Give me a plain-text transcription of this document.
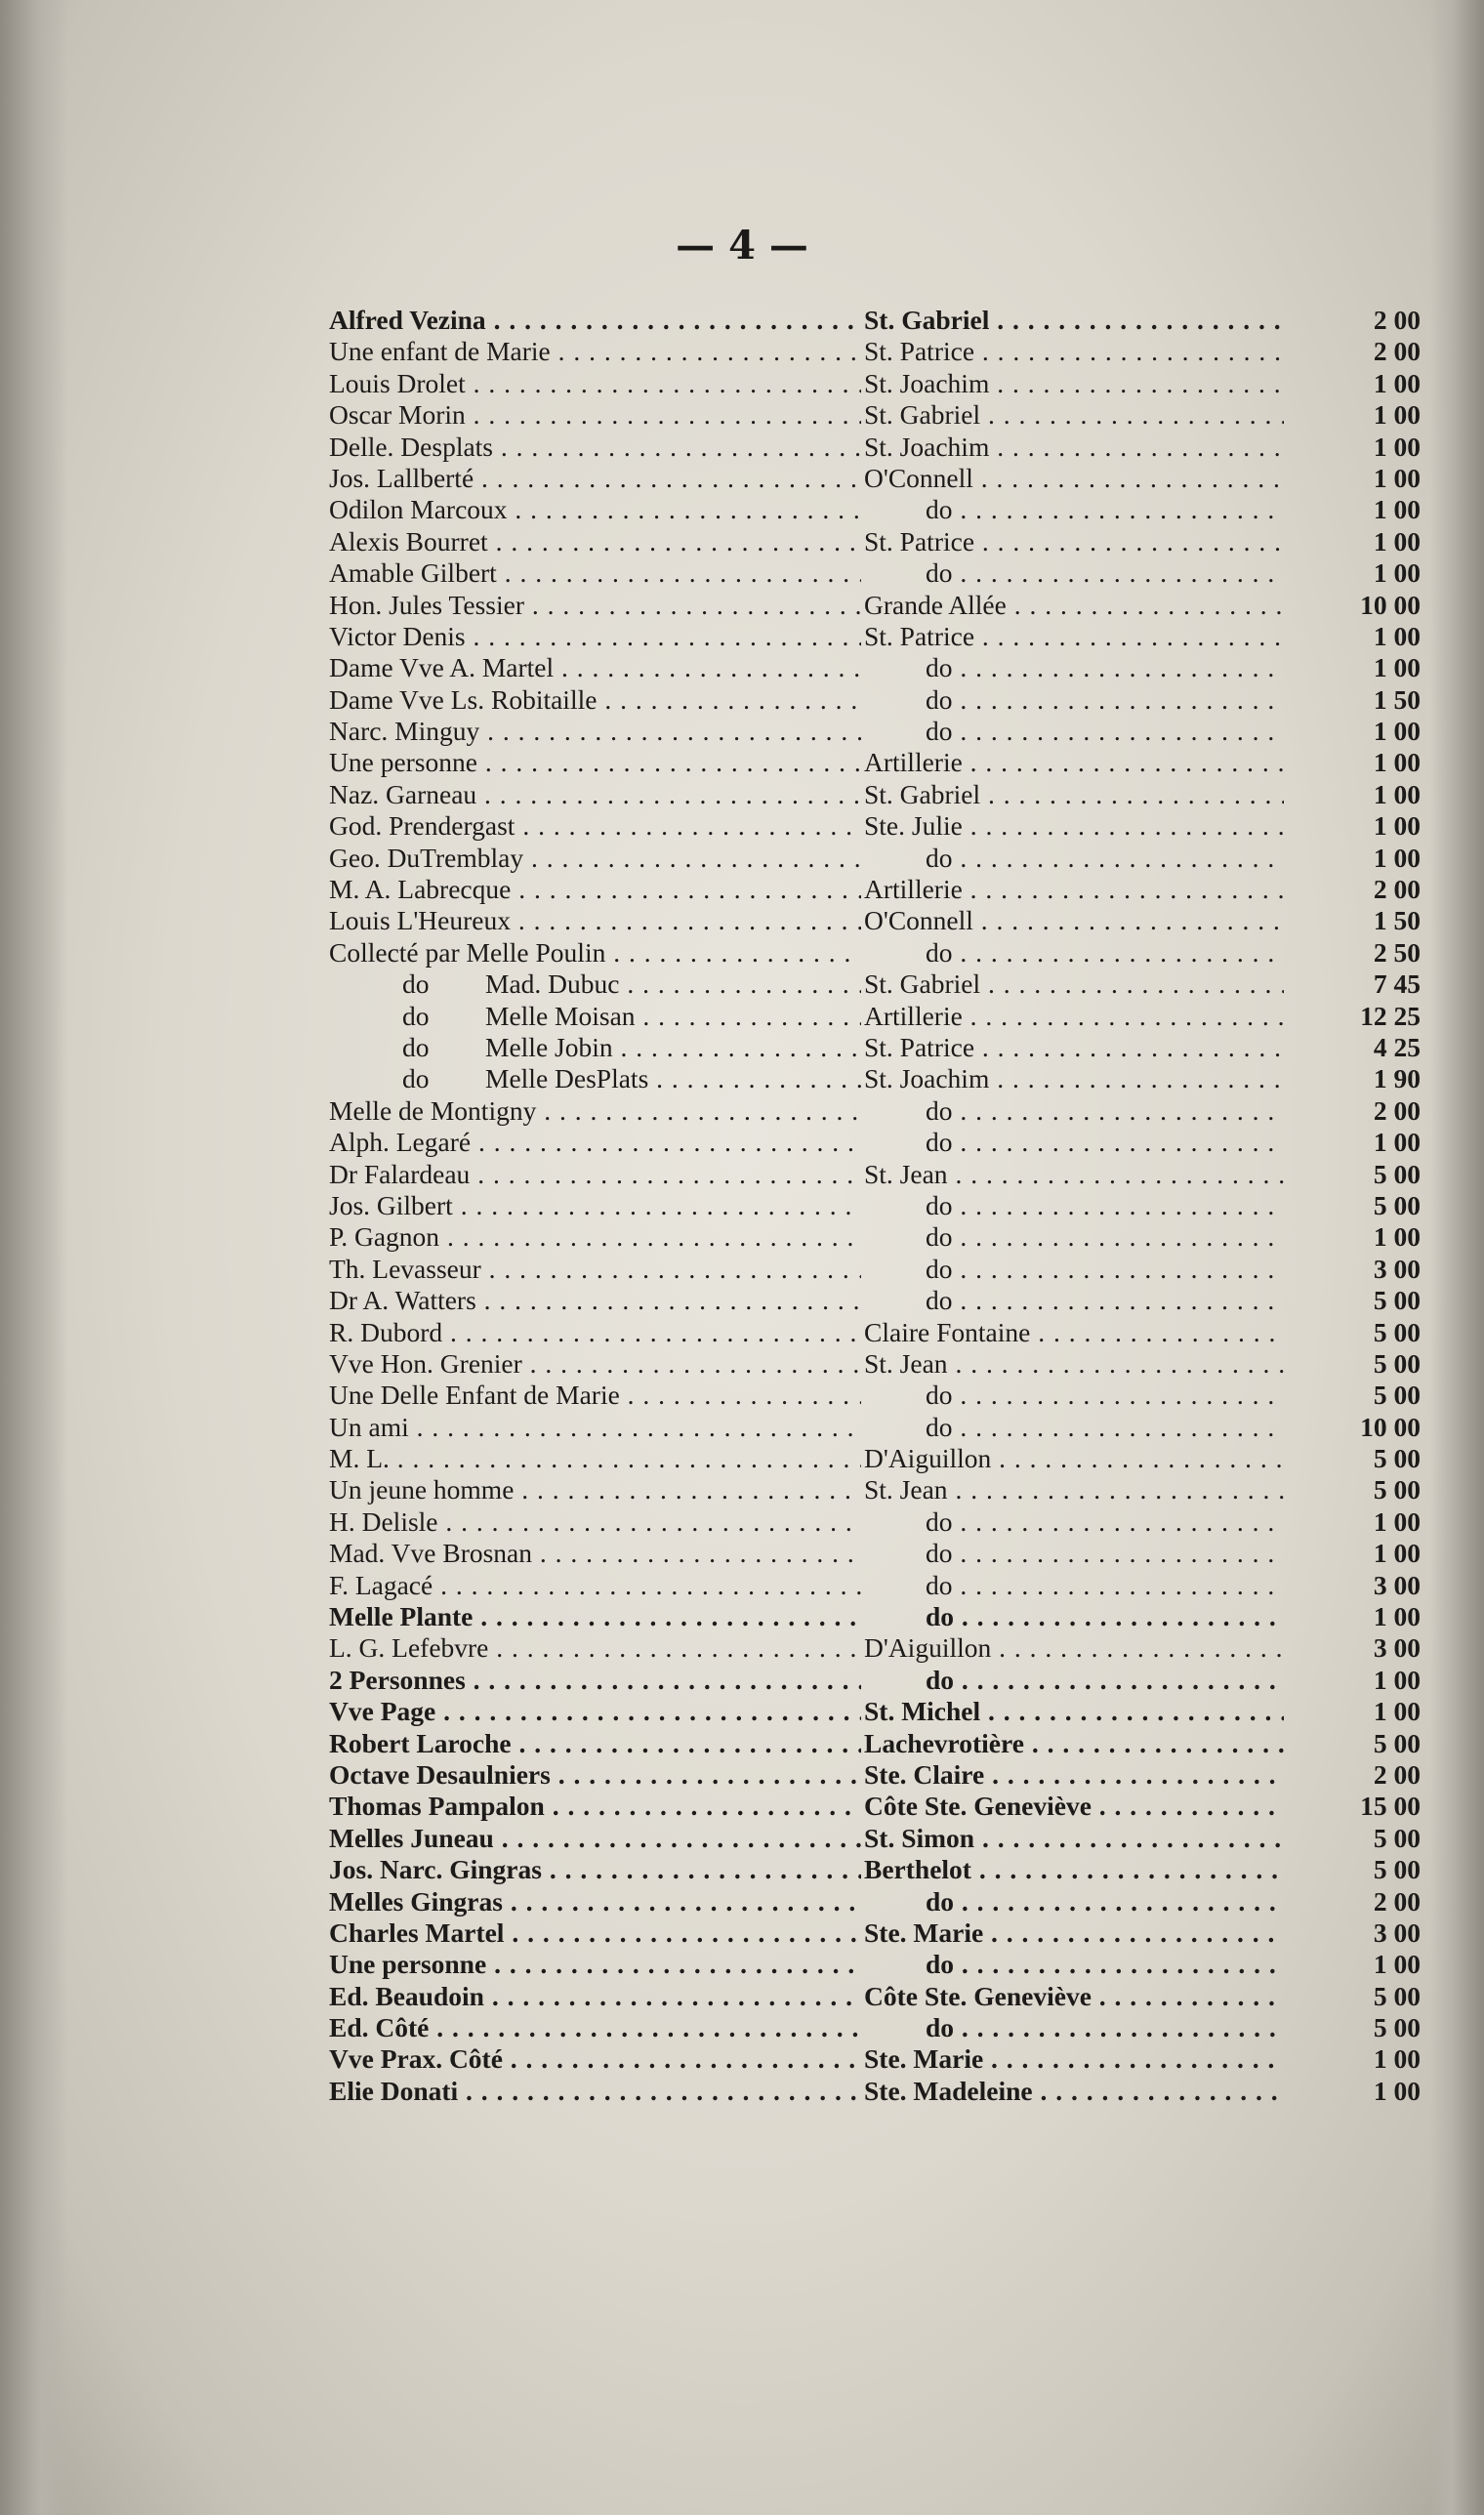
— 4 —
Alfred Vezina . . .	St. Gabriel . . .	2 00
Une enfant de Marie . . .	St. Patrice . . .	2 00
Louis Drolet . . .	St. Joachim . . .	1 00
Oscar Morin . . .	St. Gabriel . . .	1 00
Delle. Desplats . . .	St. Joachim . . .	1 00
Jos. Lallberté . . .	O'Connell . . .	1 00
Odilon Marcoux . . .	do . . .	1 00
Alexis Bourret . . .	St. Patrice . . .	1 00
Amable Gilbert . . .	do . . .	1 00
Hon. Jules Tessier . . .	Grande Allée . . .	10 00
Victor Denis . . .	St. Patrice . . .	1 00
Dame Vve A. Martel . . .	do . . .	1 00
Dame Vve Ls. Robitaille . . .	do . . .	1 50
Narc. Minguy . . .	do . . .	1 00
Une personne . . .	Artillerie . . .	1 00
Naz. Garneau . . .	St. Gabriel . . .	1 00
God. Prendergast . . .	Ste. Julie . . .	1 00
Geo. DuTremblay . . .	do . . .	1 00
M. A. Labrecque . . .	Artillerie . . .	2 00
Louis L'Heureux . . .	O'Connell . . .	1 50
Collecté par Melle Poulin . . .	do . . .	2 50
do Mad. Dubuc . . .	St. Gabriel . . .	7 45
do Melle Moisan . . .	Artillerie . . .	12 25
do Melle Jobin . . .	St. Patrice . . .	4 25
do Melle DesPlats . . .	St. Joachim . . .	1 90
Melle de Montigny . . .	do . . .	2 00
Alph. Legaré . . .	do . . .	1 00
Dr Falardeau . . .	St. Jean . . .	5 00
Jos. Gilbert . . .	do . . .	5 00
P. Gagnon . . .	do . . .	1 00
Th. Levasseur . . .	do . . .	3 00
Dr A. Watters . . .	do . . .	5 00
R. Dubord . . .	Claire Fontaine . . .	5 00
Vve Hon. Grenier . . .	St. Jean . . .	5 00
Une Delle Enfant de Marie . . .	do . . .	5 00
Un ami . . .	do . . .	10 00
M. L. . . .	D'Aiguillon . . .	5 00
Un jeune homme . . .	St. Jean . . .	5 00
H. Delisle . . .	do . . .	1 00
Mad. Vve Brosnan . . .	do . . .	1 00
F. Lagacé . . .	do . . .	3 00
Melle Plante . . .	do . . .	1 00
L. G. Lefebvre . . .	D'Aiguillon . . .	3 00
2 Personnes . . .	do . . .	1 00
Vve Page . . .	St. Michel . . .	1 00
Robert Laroche . . .	Lachevrotière . . .	5 00
Octave Desaulniers . . .	Ste. Claire . . .	2 00
Thomas Pampalon . . .	Côte Ste. Geneviève . . .	15 00
Melles Juneau . . .	St. Simon . . .	5 00
Jos. Narc. Gingras . . .	Berthelot . . .	5 00
Melles Gingras . . .	do . . .	2 00
Charles Martel . . .	Ste. Marie . . .	3 00
Une personne . . .	do . . .	1 00
Ed. Beaudoin . . .	Côte Ste. Geneviève . . .	5 00
Ed. Côté . . .	do . . .	5 00
Vve Prax. Côté . . .	Ste. Marie . . .	1 00
Elie Donati . . .	Ste. Madeleine . . .	1 00
